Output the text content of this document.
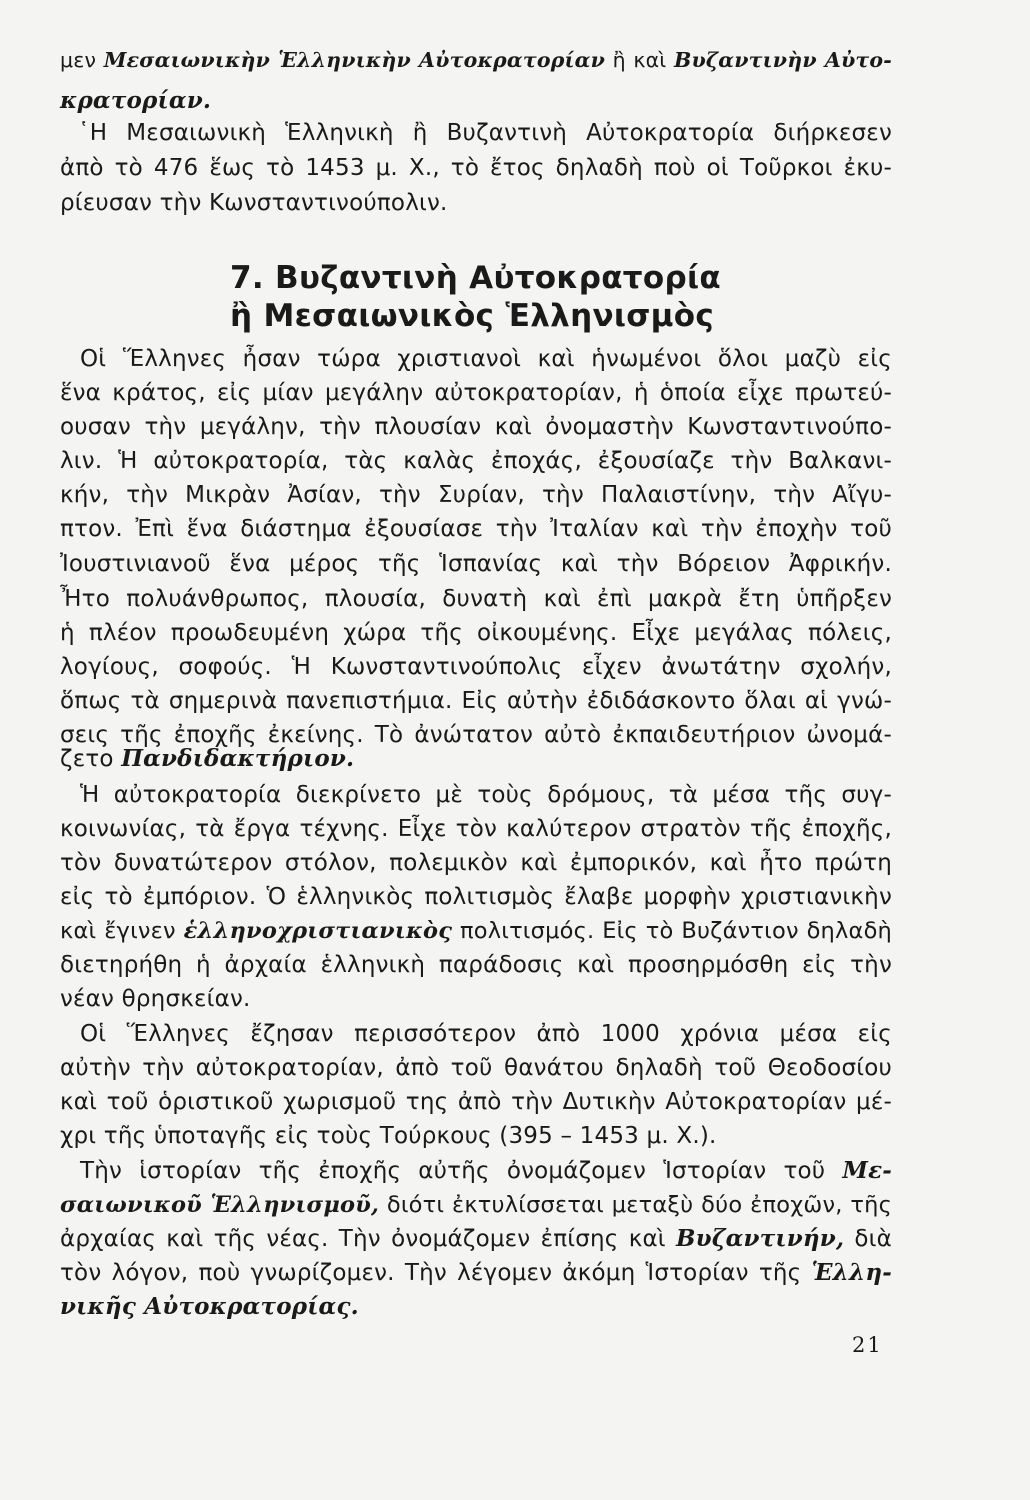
μεν Μεσαιωνικὴν Ἑλληνικὴν Αὐτοκρατορίαν ἢ καὶ Βυζαντινὴν Αὐτο-
κρατορίαν.
῾Η Μεσαιωνικὴ Ἑλληνικὴ ἢ Βυζαντινὴ Αὐτοκρατορία διήρκεσεν
ἀπὸ τὸ 476 ἕως τὸ 1453 μ. Χ., τὸ ἔτος δηλαδὴ ποὺ οἱ Τοῦρκοι ἐκυ-
ρίευσαν τὴν Κωνσταντινούπολιν.
7. Βυζαντινὴ Αὐτοκρατορία
ἢ Μεσαιωνικὸς Ἑλληνισμὸς
Οἱ Ἕλληνες ἦσαν τώρα χριστιανοὶ καὶ ἡνωμένοι ὅλοι μαζὺ εἰς
ἕνα κράτος, εἰς μίαν μεγάλην αὐτοκρατορίαν, ἡ ὁποία εἶχε πρωτεύ-
ουσαν τὴν μεγάλην, τὴν πλουσίαν καὶ ὀνομαστὴν Κωνσταντινούπο-
λιν. Ἡ αὐτοκρατορία, τὰς καλὰς ἐποχάς, ἐξουσίαζε τὴν Βαλκανι-
κήν, τὴν Μικρὰν Ἀσίαν, τὴν Συρίαν, τὴν Παλαιστίνην, τὴν Αἴγυ-
πτον. Ἐπὶ ἕνα διάστημα ἐξουσίασε τὴν Ἰταλίαν καὶ τὴν ἐποχὴν τοῦ
Ἰουστινιανοῦ ἕνα μέρος τῆς Ἱσπανίας καὶ τὴν Βόρειον Ἀφρικήν.
Ἦτο πολυάνθρωπος, πλουσία, δυνατὴ καὶ ἐπὶ μακρὰ ἔτη ὑπῆρξεν
ἡ πλέον προωδευμένη χώρα τῆς οἰκουμένης. Εἶχε μεγάλας πόλεις,
λογίους, σοφούς. Ἡ Κωνσταντινούπολις εἶχεν ἀνωτάτην σχολήν,
ὅπως τὰ σημερινὰ πανεπιστήμια. Εἰς αὐτὴν ἐδιδάσκοντο ὅλαι αἱ γνώ-
σεις τῆς ἐποχῆς ἐκείνης. Τὸ ἀνώτατον αὐτὸ ἐκπαιδευτήριον ὠνομά-
ζετο Πανδιδακτήριον.
Ἡ αὐτοκρατορία διεκρίνετο μὲ τοὺς δρόμους, τὰ μέσα τῆς συγ-
κοινωνίας, τὰ ἔργα τέχνης. Εἶχε τὸν καλύτερον στρατὸν τῆς ἐποχῆς,
τὸν δυνατώτερον στόλον, πολεμικὸν καὶ ἐμπορικόν, καὶ ἦτο πρώτη
εἰς τὸ ἐμπόριον. Ὁ ἑλληνικὸς πολιτισμὸς ἔλαβε μορφὴν χριστιανικὴν
καὶ ἔγινεν ἑλληνοχριστιανικὸς πολιτισμός. Εἰς τὸ Βυζάντιον δηλαδὴ
διετηρήθη ἡ ἀρχαία ἑλληνικὴ παράδοσις καὶ προσηρμόσθη εἰς τὴν
νέαν θρησκείαν.
Οἱ Ἕλληνες ἔζησαν περισσότερον ἀπὸ 1000 χρόνια μέσα εἰς
αὐτὴν τὴν αὐτοκρατορίαν, ἀπὸ τοῦ θανάτου δηλαδὴ τοῦ Θεοδοσίου
καὶ τοῦ ὁριστικοῦ χωρισμοῦ της ἀπὸ τὴν Δυτικὴν Αὐτοκρατορίαν μέ-
χρι τῆς ὑποταγῆς εἰς τοὺς Τούρκους (395 – 1453 μ. Χ.).
Τὴν ἱστορίαν τῆς ἐποχῆς αὐτῆς ὀνομάζομεν Ἱστορίαν τοῦ Με-
σαιωνικοῦ Ἑλληνισμοῦ, διότι ἐκτυλίσσεται μεταξὺ δύο ἐποχῶν, τῆς
ἀρχαίας καὶ τῆς νέας. Τὴν ὀνομάζομεν ἐπίσης καὶ Βυζαντινήν, διὰ
τὸν λόγον, ποὺ γνωρίζομεν. Τὴν λέγομεν ἀκόμη Ἱστορίαν τῆς Ἑλλη-
νικῆς Αὐτοκρατορίας.
21
